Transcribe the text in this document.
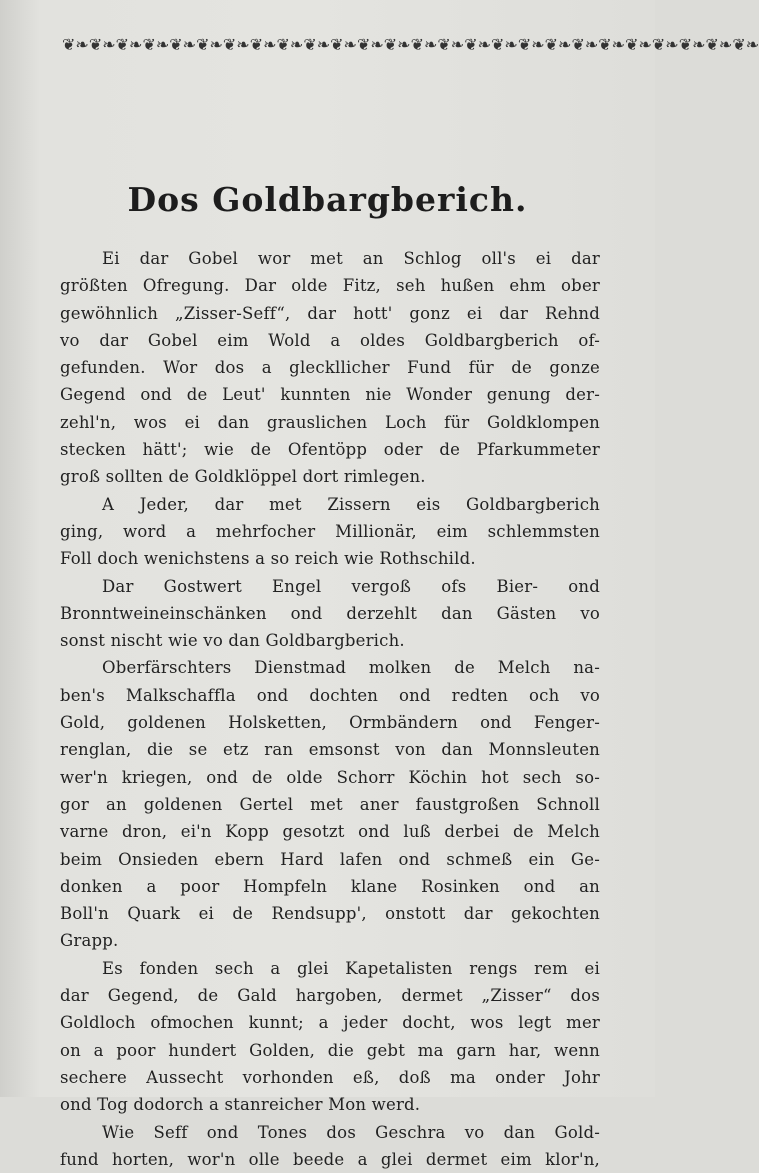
❦❧❦❧❦❧❦❧❦❧❦❧❦❧❦❧❦❧❦❧❦❧❦❧❦❧❦❧❦❧❦❧❦❧❦❧❦❧❦❧❦❧❦❧❦❧❦❧❦❧❦❧
Dos Goldbargberich.
Ei dar Gobel wor met an Schlog oll's ei dar
größten Ofregung. Dar olde Fitz, seh hußen ehm ober
gewöhnlich „Zisser-Seff“, dar hott' gonz ei dar Rehnd
vo dar Gobel eim Wold a oldes Goldbargberich of-
gefunden. Wor dos a gleckllicher Fund für de gonze
Gegend ond de Leut' kunnten nie Wonder genung der-
zehl'n, wos ei dan grauslichen Loch für Goldklompen
stecken hätt'; wie de Ofentöpp oder de Pfarkummeter
groß sollten de Goldklöppel dort rimlegen.
A Jeder, dar met Zissern eis Goldbargberich
ging, word a mehrfocher Millionär, eim schlemmsten
Foll doch wenichstens a so reich wie Rothschild.
Dar Gostwert Engel vergoß ofs Bier- ond
Bronntweineinschänken ond derzehlt dan Gästen vo
sonst nischt wie vo dan Goldbargberich.
Oberfärschters Dienstmad molken de Melch na-
ben's Malkschaffla ond dochten ond redten och vo
Gold, goldenen Holsketten, Ormbändern ond Fenger-
renglan, die se etz ran emsonst von dan Monnsleuten
wer'n kriegen, ond de olde Schorr Köchin hot sech so-
gor an goldenen Gertel met aner faustgroßen Schnoll
varne dron, ei'n Kopp gesotzt ond luß derbei de Melch
beim Onsieden ebern Hard lafen ond schmeß ein Ge-
donken a poor Hompfeln klane Rosinken ond an
Boll'n Quark ei de Rendsupp', onstott dar gekochten
Grapp.
Es fonden sech a glei Kapetalisten rengs rem ei
dar Gegend, de Gald hargoben, dermet „Zisser“ dos
Goldloch ofmochen kunnt; a jeder docht, wos legt mer
on a poor hundert Golden, die gebt ma garn har, wenn
sechere Ausseсht vorhonden eß, doß ma onder Johr
ond Tog dodorch a stanreicher Mon werd.
Wie Seff ond Tones dos Geschra vo dan Gold-
fund horten, wor'n olle beede a glei dermet eim klor'n,
